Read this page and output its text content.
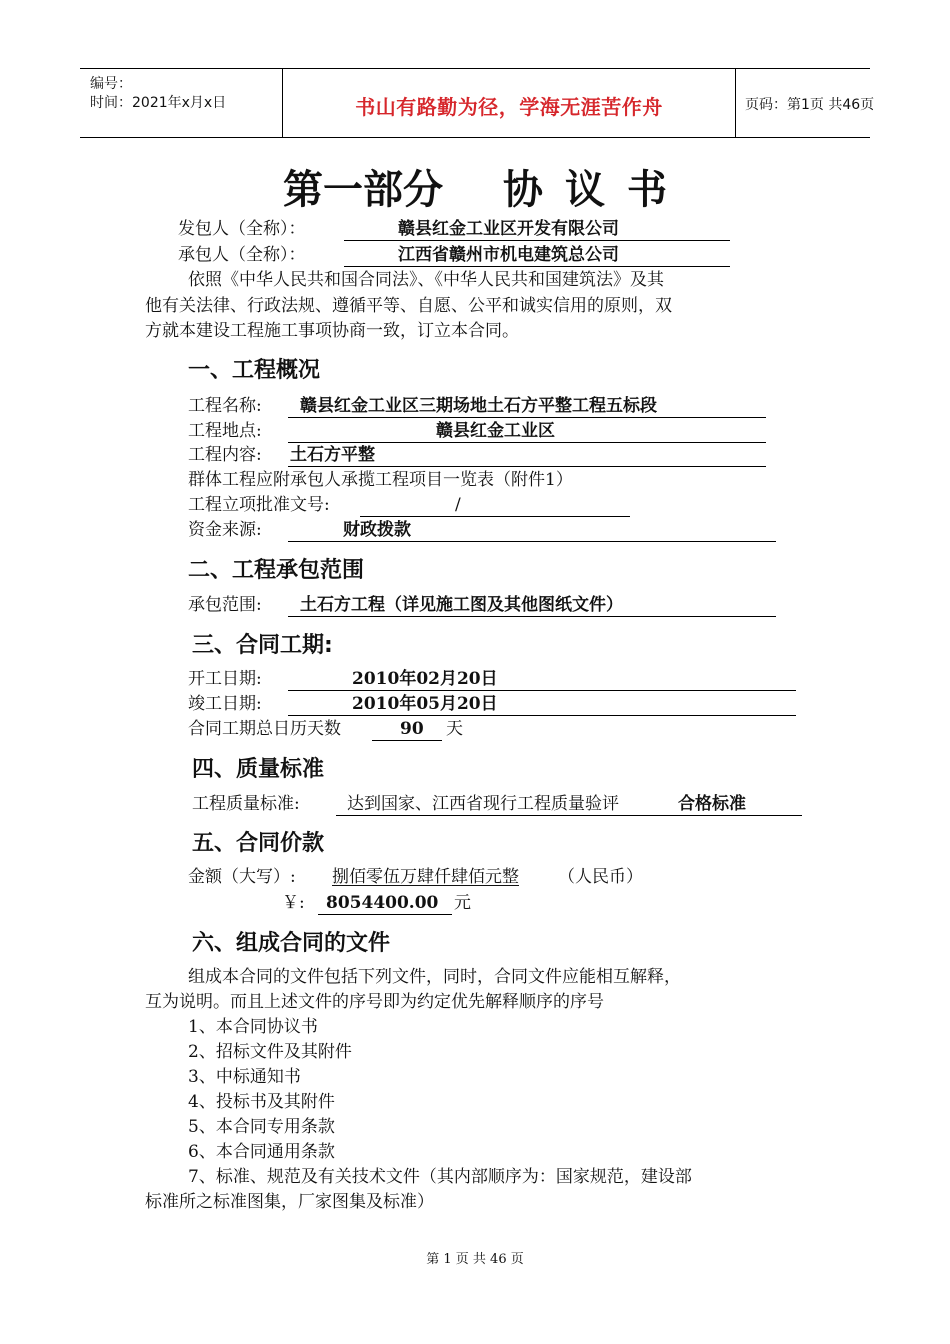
编号：
时间：2021年x月x日	书山有路勤为径，学海无涯苦作舟	页码：第1页 共46页
第一部分 协 议 书
发包人（全称）：	赣县红金工业区开发有限公司
承包人（全称）：	江西省赣州市机电建筑总公司
依照《中华人民共和国合同法》、《中华人民共和国建筑法》及其
他有关法律、行政法规、遵循平等、自愿、公平和诚实信用的原则，双
方就本建设工程施工事项协商一致，订立本合同。
一、工程概况
工程名称: 赣县红金工业区三期场地土石方平整工程五标段
工程地点:	赣县红金工业区
工程内容: 土石方平整
群体工程应附承包人承揽工程项目一览表（附件1）
工程立项批准文号:	/
资金来源:	财政拨款
二、工程承包范围
承包范围: 土石方工程（详见施工图及其他图纸文件）
三、合同工期:
开工日期:	2010年02月20日
竣工日期:	2010年05月20日
合同工期总日历天数	90 天
四、质量标准
工程质量标准:	达到国家、江西省现行工程质量验评	合格标准
五、合同价款
金额（大写）: 捌佰零伍万肆仟肆佰元整 （人民币）
￥: 8054400.00 元
六、组成合同的文件
组成本合同的文件包括下列文件，同时，合同文件应能相互解释，
互为说明。而且上述文件的序号即为约定优先解释顺序的序号
1、本合同协议书
2、招标文件及其附件
3、中标通知书
4、投标书及其附件
5、本合同专用条款
6、本合同通用条款
7、标准、规范及有关技术文件（其内部顺序为：国家规范，建设部
标准所之标准图集，厂家图集及标准）
第 1 页 共 46 页
